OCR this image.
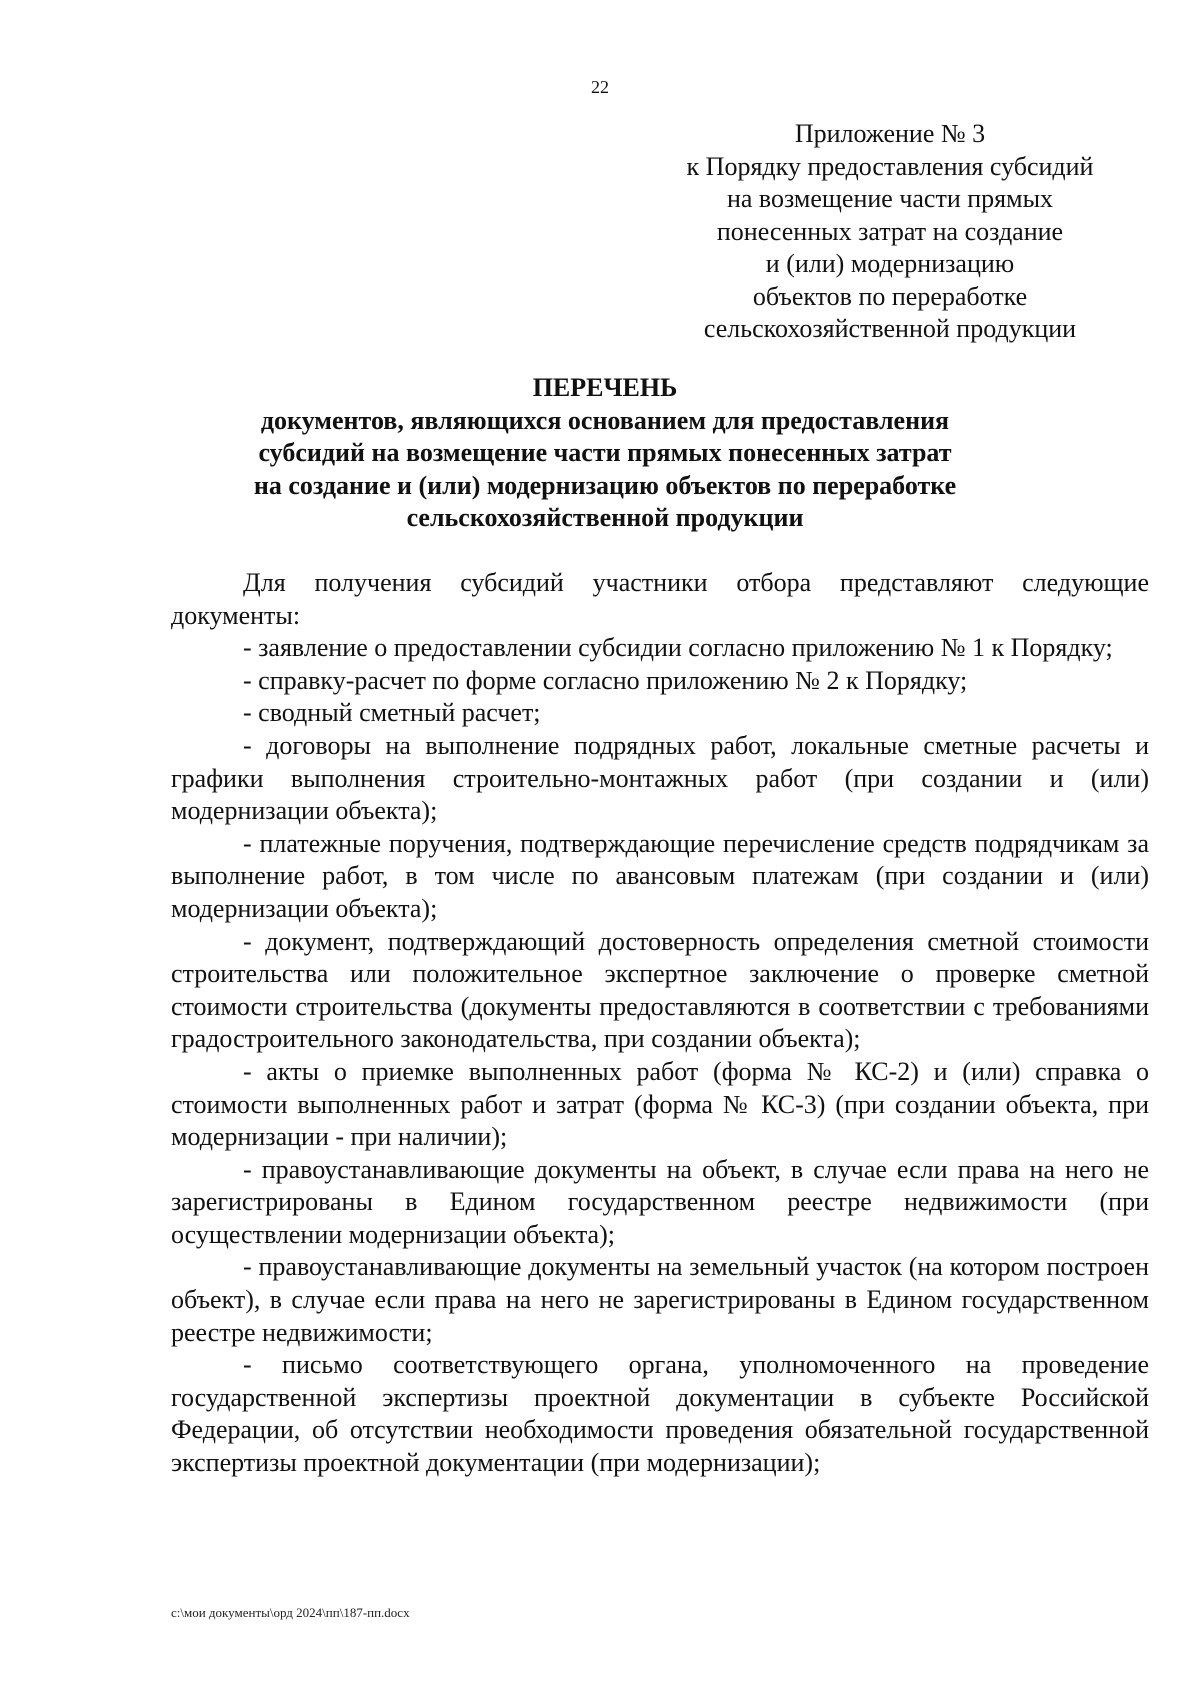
22
Приложение № 3
к Порядку предоставления субсидий
на возмещение части прямых
понесенных затрат на создание
и (или) модернизацию
объектов по переработке
сельскохозяйственной продукции
ПЕРЕЧЕНЬ
документов, являющихся основанием для предоставления
субсидий на возмещение части прямых понесенных затрат
на создание и (или) модернизацию объектов по переработке
сельскохозяйственной продукции

Для получения субсидий участники отбора представляют следующие документы:

- заявление о предоставлении субсидии согласно приложению № 1 к Порядку;

- справку-расчет по форме согласно приложению № 2 к Порядку;

- сводный сметный расчет;

- договоры на выполнение подрядных работ, локальные сметные расчеты и графики выполнения строительно-монтажных работ (при создании и (или) модернизации объекта);

- платежные поручения, подтверждающие перечисление средств подрядчикам за выполнение работ, в том числе по авансовым платежам (при создании и (или) модернизации объекта);

- документ, подтверждающий достоверность определения сметной стоимости строительства или положительное экспертное заключение о проверке сметной стоимости строительства (документы предоставляются в соответствии с требованиями градостроительного законодательства, при создании объекта);

- акты о приемке выполненных работ (форма № КС-2) и (или) справка о стоимости выполненных работ и затрат (форма № КС-3) (при создании объекта, при модернизации - при наличии);

- правоустанавливающие документы на объект, в случае если права на него не зарегистрированы в Едином государственном реестре недвижимости (при осуществлении модернизации объекта);

- правоустанавливающие документы на земельный участок (на котором построен объект), в случае если права на него не зарегистрированы в Едином государственном реестре недвижимости;

- письмо соответствующего органа, уполномоченного на проведение государственной экспертизы проектной документации в субъекте Российской Федерации, об отсутствии необходимости проведения обязательной государственной экспертизы проектной документации (при модернизации);

c:\мои документы\орд 2024\пп\187-пп.docx
